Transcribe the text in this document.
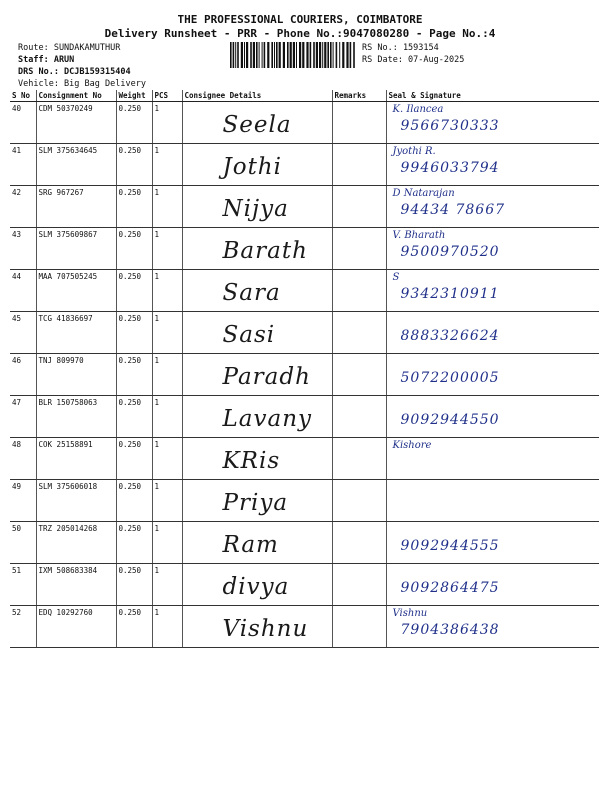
THE PROFESSIONAL COURIERS, COIMBATORE
Delivery Runsheet - PRR - Phone No.:9047080280 - Page No.:4
Route: SUNDAKAMUTHUR
Staff: ARUN
DRS No.: DCJB159315404
Vehicle: Big Bag Delivery
RS No.: 1593154
RS Date: 07-Aug-2025
S No	Consignment No	Weight	PCS	Consignee Details	Remarks	Seal & Signature
40	CDM 50370249	0.250	1	Seela		K. Ilancea
9566730333

41	SLM 375634645	0.250	1	Jothi		Jyothi R.
9946033794

42	SRG 967267	0.250	1	Nijya		D Natarajan
94434 78667

43	SLM 375609867	0.250	1	Barath		V. Bharath
9500970520

44	MAA 707505245	0.250	1	Sara		S
9342310911

45	TCG 41836697	0.250	1	Sasi		8883326624

46	TNJ 809970	0.250	1	Paradh		5072200005

47	BLR 150758063	0.250	1	Lavany		9092944550

48	COK 25158891	0.250	1	KRis		Kishore

49	SLM 375606018	0.250	1	Priya		

50	TRZ 205014268	0.250	1	Ram		9092944555

51	IXM 508683384	0.250	1	divya		9092864475

52	EDQ 10292760	0.250	1	Vishnu		Vishnu
7904386438
